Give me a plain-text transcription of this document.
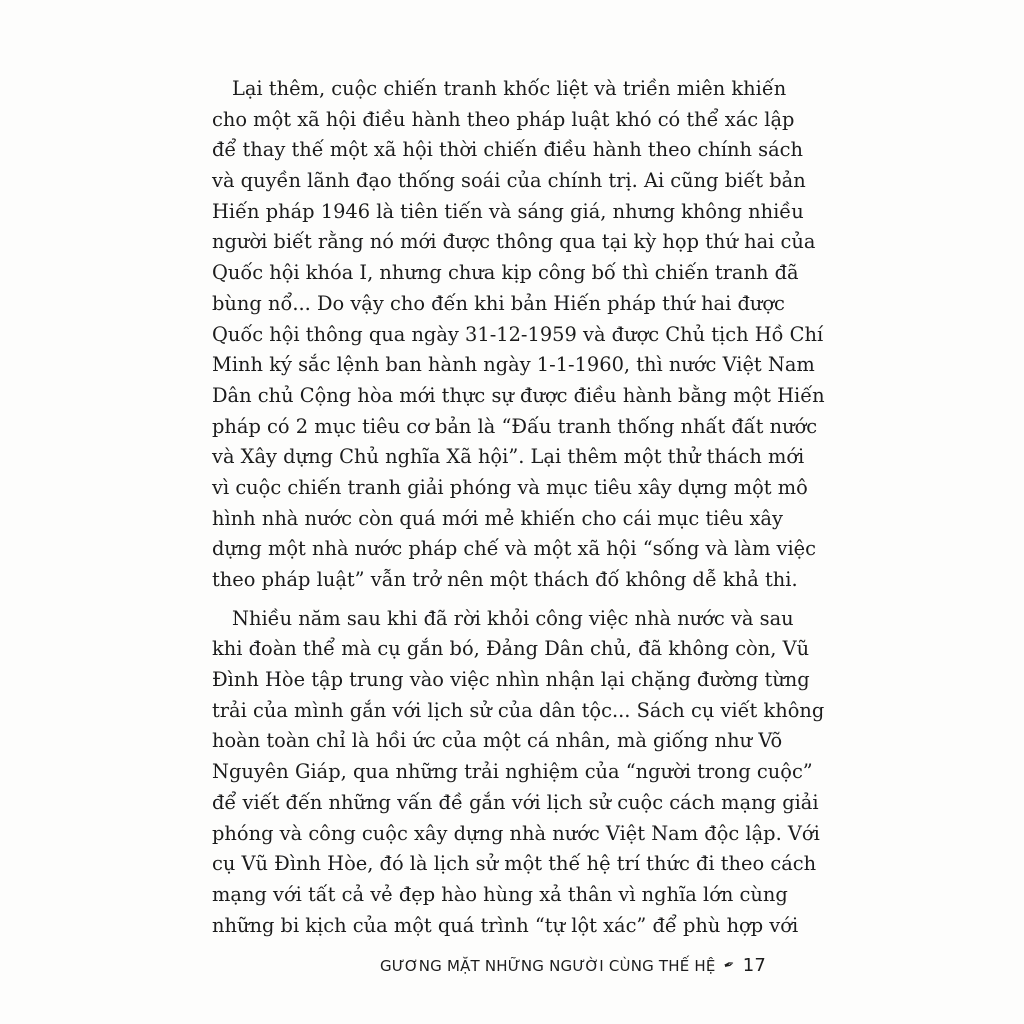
Lại thêm, cuộc chiến tranh khốc liệt và triền miên khiến
cho một xã hội điều hành theo pháp luật khó có thể xác lập
để thay thế một xã hội thời chiến điều hành theo chính sách
và quyền lãnh đạo thống soái của chính trị. Ai cũng biết bản
Hiến pháp 1946 là tiên tiến và sáng giá, nhưng không nhiều
người biết rằng nó mới được thông qua tại kỳ họp thứ hai của
Quốc hội khóa I, nhưng chưa kịp công bố thì chiến tranh đã
bùng nổ... Do vậy cho đến khi bản Hiến pháp thứ hai được
Quốc hội thông qua ngày 31-12-1959 và được Chủ tịch Hồ Chí
Minh ký sắc lệnh ban hành ngày 1-1-1960, thì nước Việt Nam
Dân chủ Cộng hòa mới thực sự được điều hành bằng một Hiến
pháp có 2 mục tiêu cơ bản là “Đấu tranh thống nhất đất nước
và Xây dựng Chủ nghĩa Xã hội”. Lại thêm một thử thách mới
vì cuộc chiến tranh giải phóng và mục tiêu xây dựng một mô
hình nhà nước còn quá mới mẻ khiến cho cái mục tiêu xây
dựng một nhà nước pháp chế và một xã hội “sống và làm việc
theo pháp luật” vẫn trở nên một thách đố không dễ khả thi.

Nhiều năm sau khi đã rời khỏi công việc nhà nước và sau
khi đoàn thể mà cụ gắn bó, Đảng Dân chủ, đã không còn, Vũ
Đình Hòe tập trung vào việc nhìn nhận lại chặng đường từng
trải của mình gắn với lịch sử của dân tộc... Sách cụ viết không
hoàn toàn chỉ là hồi ức của một cá nhân, mà giống như Võ
Nguyên Giáp, qua những trải nghiệm của “người trong cuộc”
để viết đến những vấn đề gắn với lịch sử cuộc cách mạng giải
phóng và công cuộc xây dựng nhà nước Việt Nam độc lập. Với
cụ Vũ Đình Hòe, đó là lịch sử một thế hệ trí thức đi theo cách
mạng với tất cả vẻ đẹp hào hùng xả thân vì nghĩa lớn cùng
những bi kịch của một quá trình “tự lột xác” để phù hợp với

GƯƠNG MẶT NHỮNG NGƯỜI CÙNG THẾ HỆ ✒ 17
